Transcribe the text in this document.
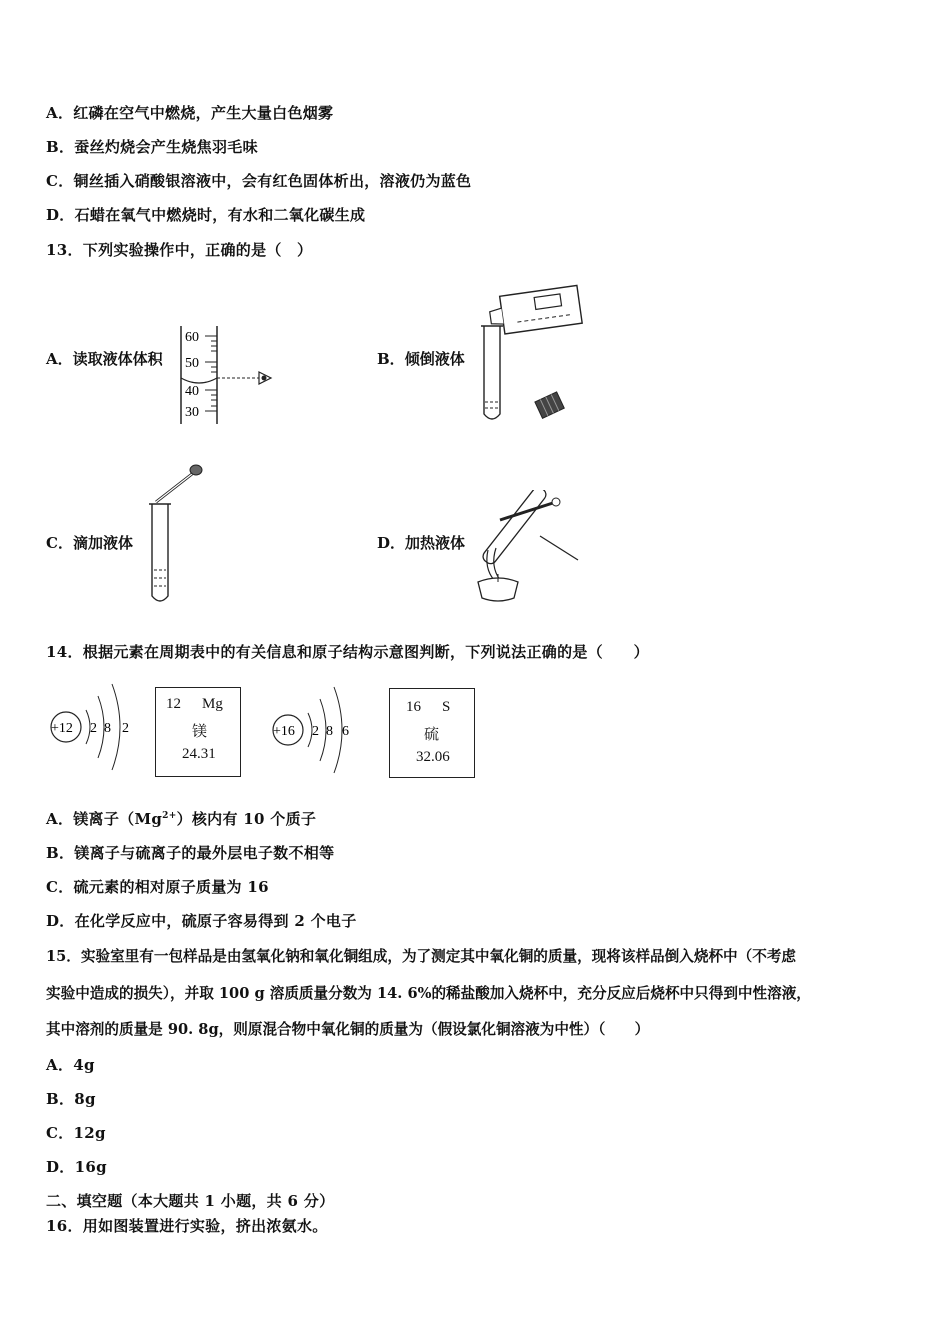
A．红磷在空气中燃烧，产生大量白色烟雾
B．蚕丝灼烧会产生烧焦羽毛味
C．铜丝插入硝酸银溶液中，会有红色固体析出，溶液仍为蓝色
D．石蜡在氧气中燃烧时，有水和二氧化碳生成
13．下列实验操作中，正确的是（　）
A．读取液体体积	B．倾倒液体
C．滴加液体	D．加热液体
60
50
40
30
14．根据元素在周期表中的有关信息和原子结构示意图判断，下列说法正确的是（　　）
+12 2 8 2
12 Mg
镁
24.31
+16 2 8 6
16 S
硫
32.06
A．镁离子$(Mg^{2+})$核内有 10 个质子
B．镁离子与硫离子的最外层电子数不相等
C．硫元素的相对原子质量为 16
D．在化学反应中，硫原子容易得到 2 个电子
15．实验室里有一包样品是由氢氧化钠和氧化铜组成，为了测定其中氧化铜的质量，现将该样品倒入烧杯中（不考虑
实验中造成的损失），并取 100 g 溶质质量分数为 14. 6%的稀盐酸加入烧杯中，充分反应后烧杯中只得到中性溶液，
其中溶剂的质量是 90. 8g，则原混合物中氧化铜的质量为（假设氯化铜溶液为中性）（　　）
A．4g
B．8g
C．12g
D．16g
二、填空题（本大题共 1 小题，共 6 分）
16．用如图装置进行实验，挤出浓氨水。
